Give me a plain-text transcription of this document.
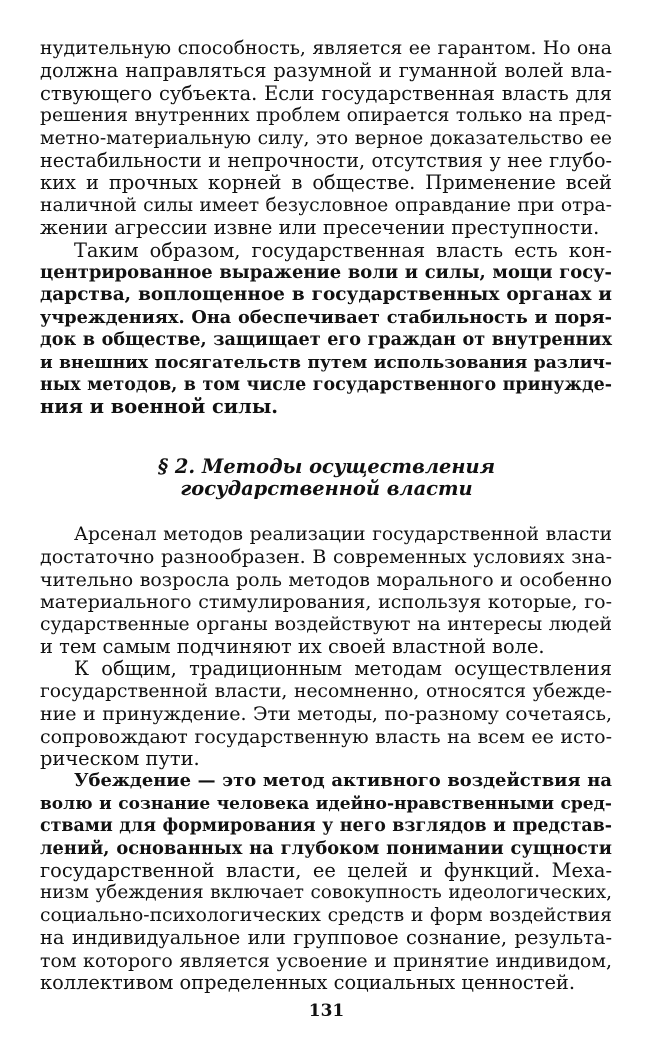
нудительную способность, является ее гарантом. Но она
должна направляться разумной и гуманной волей вла-
ствующего субъекта. Если государственная власть для
решения внутренних проблем опирается только на пред-
метно-материальную силу, это верное доказательство ее
нестабильности и непрочности, отсутствия у нее глубо-
ких и прочных корней в обществе. Применение всей
наличной силы имеет безусловное оправдание при отра-
жении агрессии извне или пресечении преступности.
Таким образом, государственная власть есть кон-
центрированное выражение воли и силы, мощи госу-
дарства, воплощенное в государственных органах и
учреждениях. Она обеспечивает стабильность и поря-
док в обществе, защищает его граждан от внутренних
и внешних посягательств путем использования различ-
ных методов, в том числе государственного принужде-
ния и военной силы.
§ 2. Методы осуществления
государственной власти
Арсенал методов реализации государственной власти
достаточно разнообразен. В современных условиях зна-
чительно возросла роль методов морального и особенно
материального стимулирования, используя которые, го-
сударственные органы воздействуют на интересы людей
и тем самым подчиняют их своей властной воле.
К общим, традиционным методам осуществления
государственной власти, несомненно, относятся убежде-
ние и принуждение. Эти методы, по-разному сочетаясь,
сопровождают государственную власть на всем ее исто-
рическом пути.
Убеждение — это метод активного воздействия на
волю и сознание человека идейно-нравственными сред-
ствами для формирования у него взглядов и представ-
лений, основанных на глубоком понимании сущности
государственной власти, ее целей и функций. Меха-
низм убеждения включает совокупность идеологических,
социально-психологических средств и форм воздействия
на индивидуальное или групповое сознание, результа-
том которого является усвоение и принятие индивидом,
коллективом определенных социальных ценностей.
131
